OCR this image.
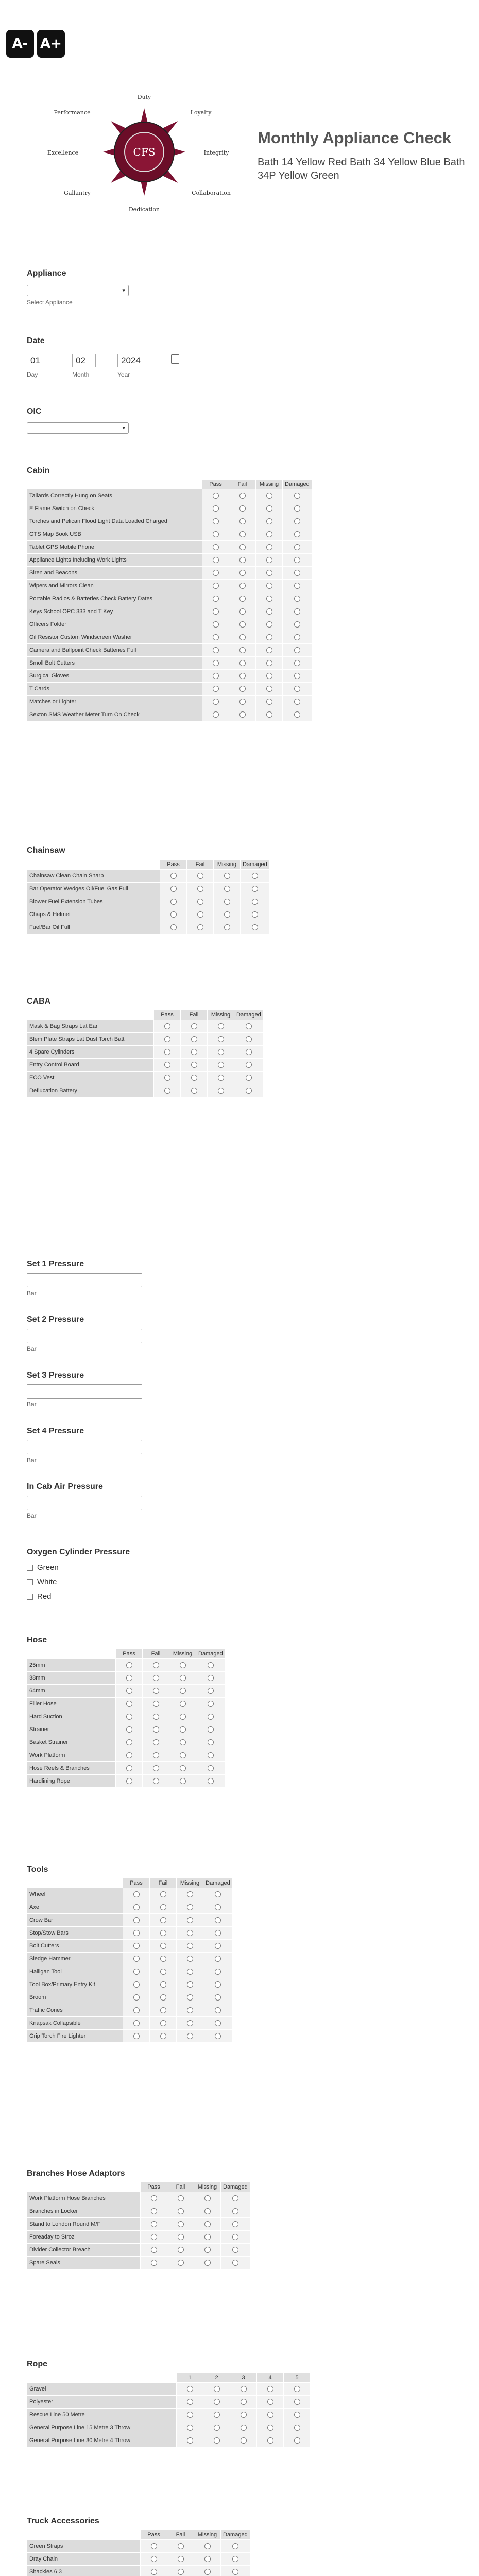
A- A+
CFS
Duty
Loyalty
Integrity
Collaboration
Dedication
Gallantry
Excellence
Performance
Monthly Appliance Check
Bath 14 Yellow Red Bath 34 Yellow Blue Bath 34P Yellow Green
Appliance
▾
Select Appliance
Date
01	02	2024
Day	Month	Year
OIC
▾
Cabin
	Pass	Fail	Missing	Damaged
Tallards Correctly Hung on Seats				
E Flame Switch on Check				
Torches and Pelican Flood Light Data Loaded Charged				
GTS Map Book USB				
Tablet GPS Mobile Phone				
Appliance Lights Including Work Lights				
Siren and Beacons				
Wipers and Mirrors Clean				
Portable Radios & Batteries Check Battery Dates				
Keys School OPC 333 and T Key				
Officers Folder				
Oil Resistor Custom Windscreen Washer				
Camera and Ballpoint Check Batteries Full				
Smoll Bolt Cutters				
Surgical Gloves				
T Cards				
Matches or Lighter				
Sexton SMS Weather Meter Turn On Check				
Chainsaw
	Pass	Fail	Missing	Damaged
Chainsaw Clean Chain Sharp				
Bar Operator Wedges Oil/Fuel Gas Full				
Blower Fuel Extension Tubes				
Chaps & Helmet				
Fuel/Bar Oil Full				
CABA
	Pass	Fail	Missing	Damaged
Mask & Bag Straps Lat Ear				
Blem Plate Straps Lat Dust Torch Batt				
4 Spare Cylinders				
Entry Control Board				
ECO Vest				
Deflucation Battery				
Set 1 Pressure
Bar
Set 2 Pressure
Bar
Set 3 Pressure
Bar
Set 4 Pressure
Bar
In Cab Air Pressure
Bar
Oxygen Cylinder Pressure
Green
White
Red
Hose
	Pass	Fail	Missing	Damaged
25mm				
38mm				
64mm				
Filler Hose				
Hard Suction				
Strainer				
Basket Strainer				
Work Platform				
Hose Reels & Branches				
Hardlining Rope				
Tools
	Pass	Fail	Missing	Damaged
Wheel				
Axe				
Crow Bar				
Stop/Stow Bars				
Bolt Cutters				
Sledge Hammer				
Halligan Tool				
Tool Box/Primary Entry Kit				
Broom				
Traffic Cones				
Knapsak Collapsible				
Grip Torch Fire Lighter				
Branches Hose Adaptors
	Pass	Fail	Missing	Damaged
Work Platform Hose Branches				
Branches in Locker				
Stand to London Round M/F				
Foreaday to Stroz				
Divider Collector Breach				
Spare Seals				
Rope
	1	2	3	4	5
Gravel					
Polyester					
Rescue Line 50 Metre					
General Purpose Line 15 Metre 3 Throw					
General Purpose Line 30 Metre 4 Throw					
Truck Accessories
	Pass	Fail	Missing	Damaged
Green Straps				
Dray Chain				
Shackles 6 3				
